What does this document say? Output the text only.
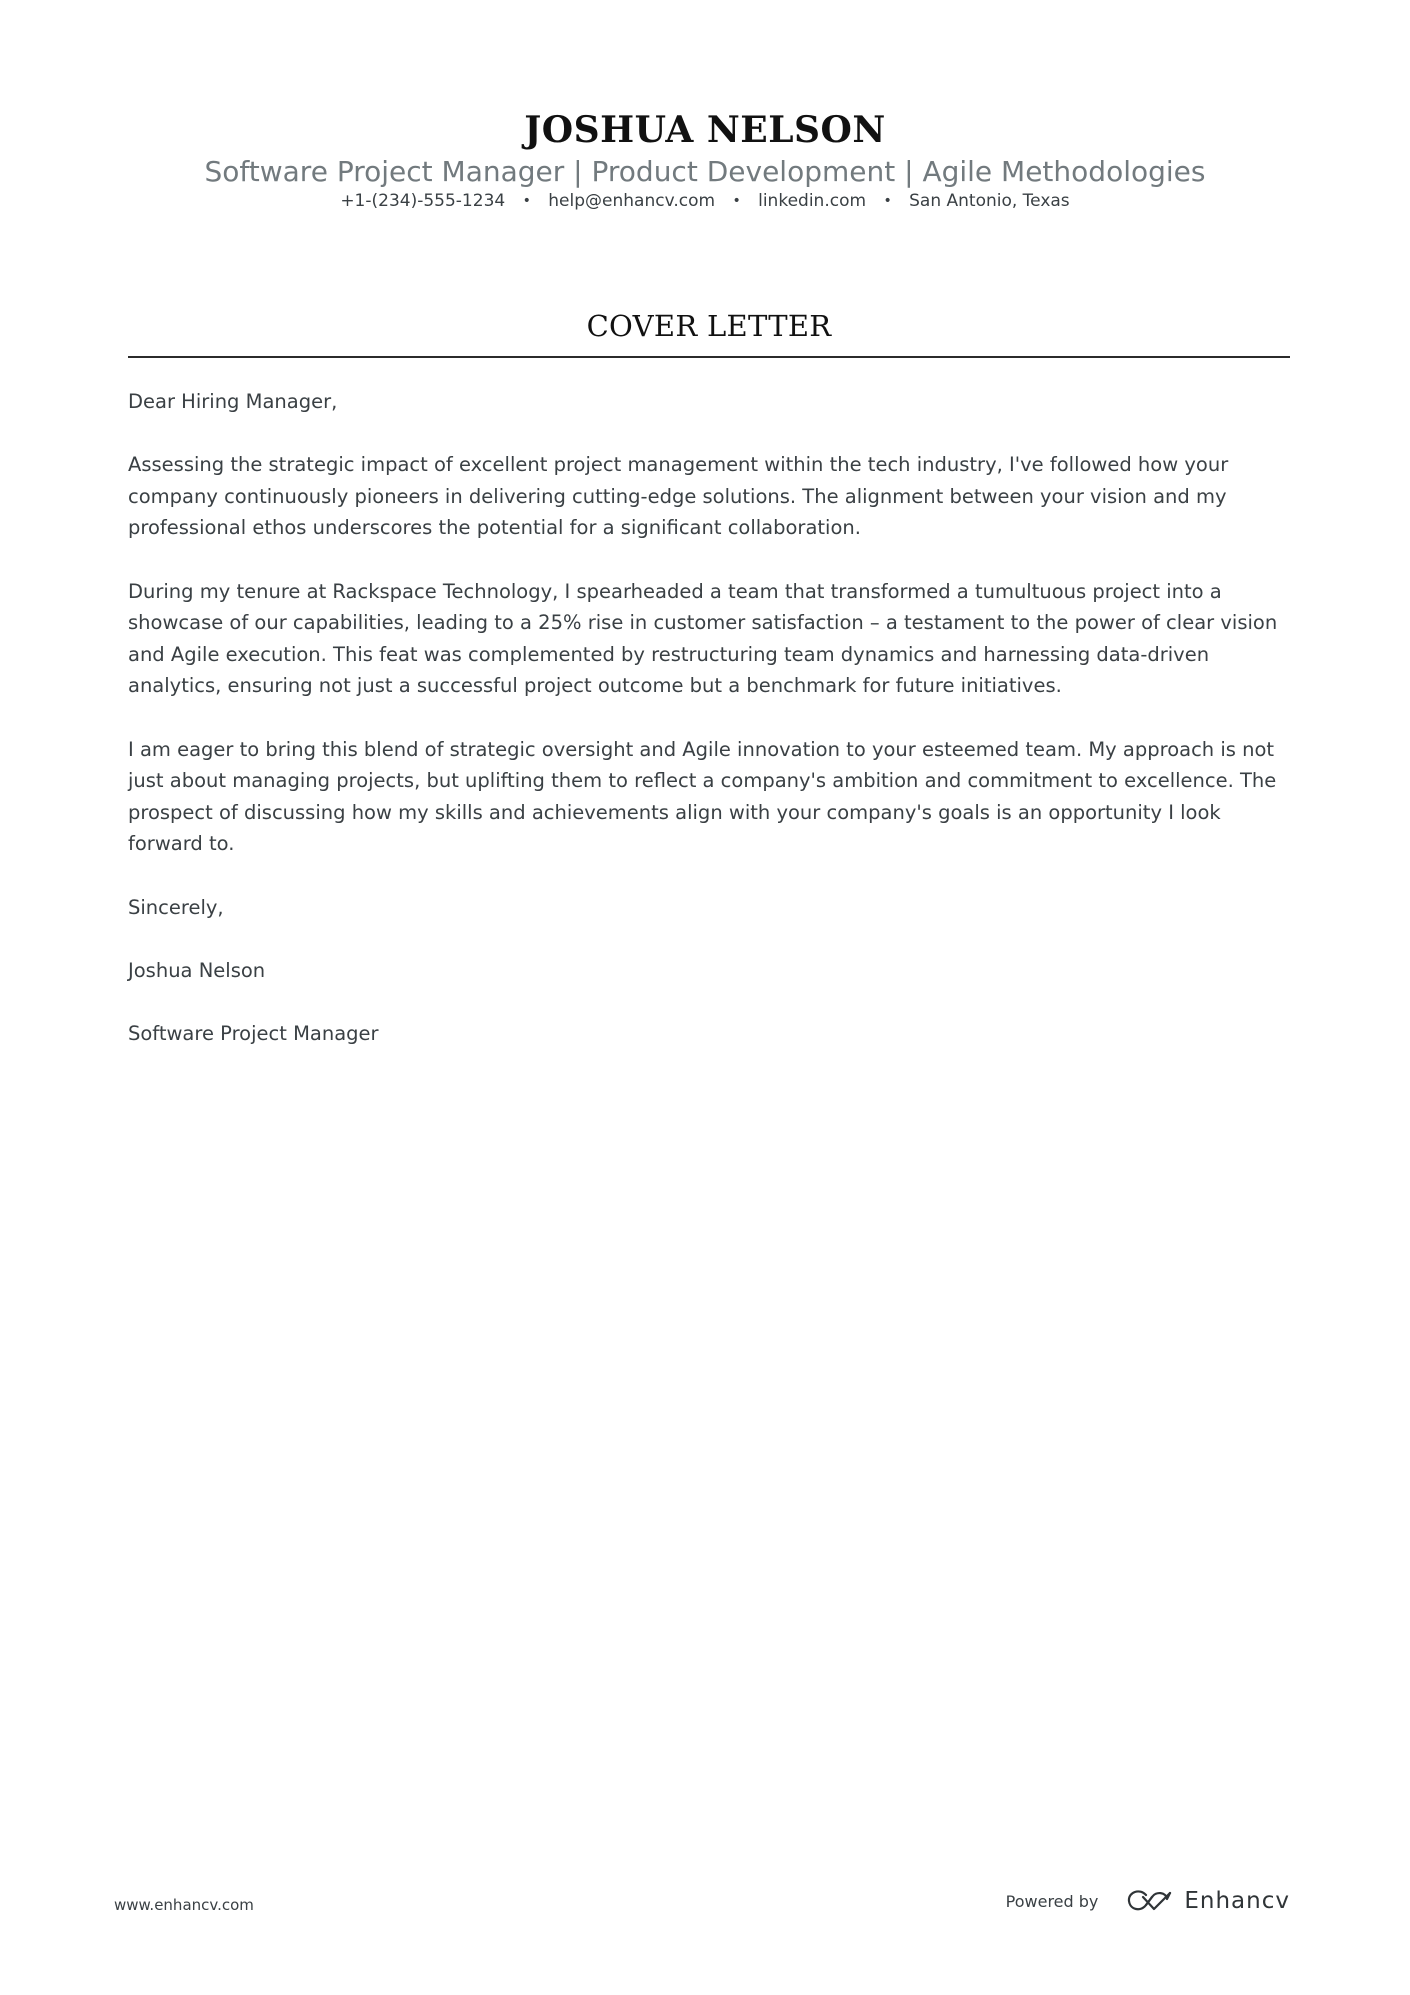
JOSHUA NELSON
Software Project Manager | Product Development | Agile Methodologies
+1-(234)-555-1234 • help@enhancv.com • linkedin.com • San Antonio, Texas
COVER LETTER

Dear Hiring Manager,

Assessing the strategic impact of excellent project management within the tech industry, I've followed how your company continuously pioneers in delivering cutting-edge solutions. The alignment between your vision and my professional ethos underscores the potential for a significant collaboration.

During my tenure at Rackspace Technology, I spearheaded a team that transformed a tumultuous project into a showcase of our capabilities, leading to a 25% rise in customer satisfaction – a testament to the power of clear vision and Agile execution. This feat was complemented by restructuring team dynamics and harnessing data-driven analytics, ensuring not just a successful project outcome but a benchmark for future initiatives.

I am eager to bring this blend of strategic oversight and Agile innovation to your esteemed team. My approach is not just about managing projects, but uplifting them to reflect a company's ambition and commitment to excellence. The prospect of discussing how my skills and achievements align with your company's goals is an opportunity I look forward to.

Sincerely,

Joshua Nelson

Software Project Manager

www.enhancv.com	Powered by	Enhancv
